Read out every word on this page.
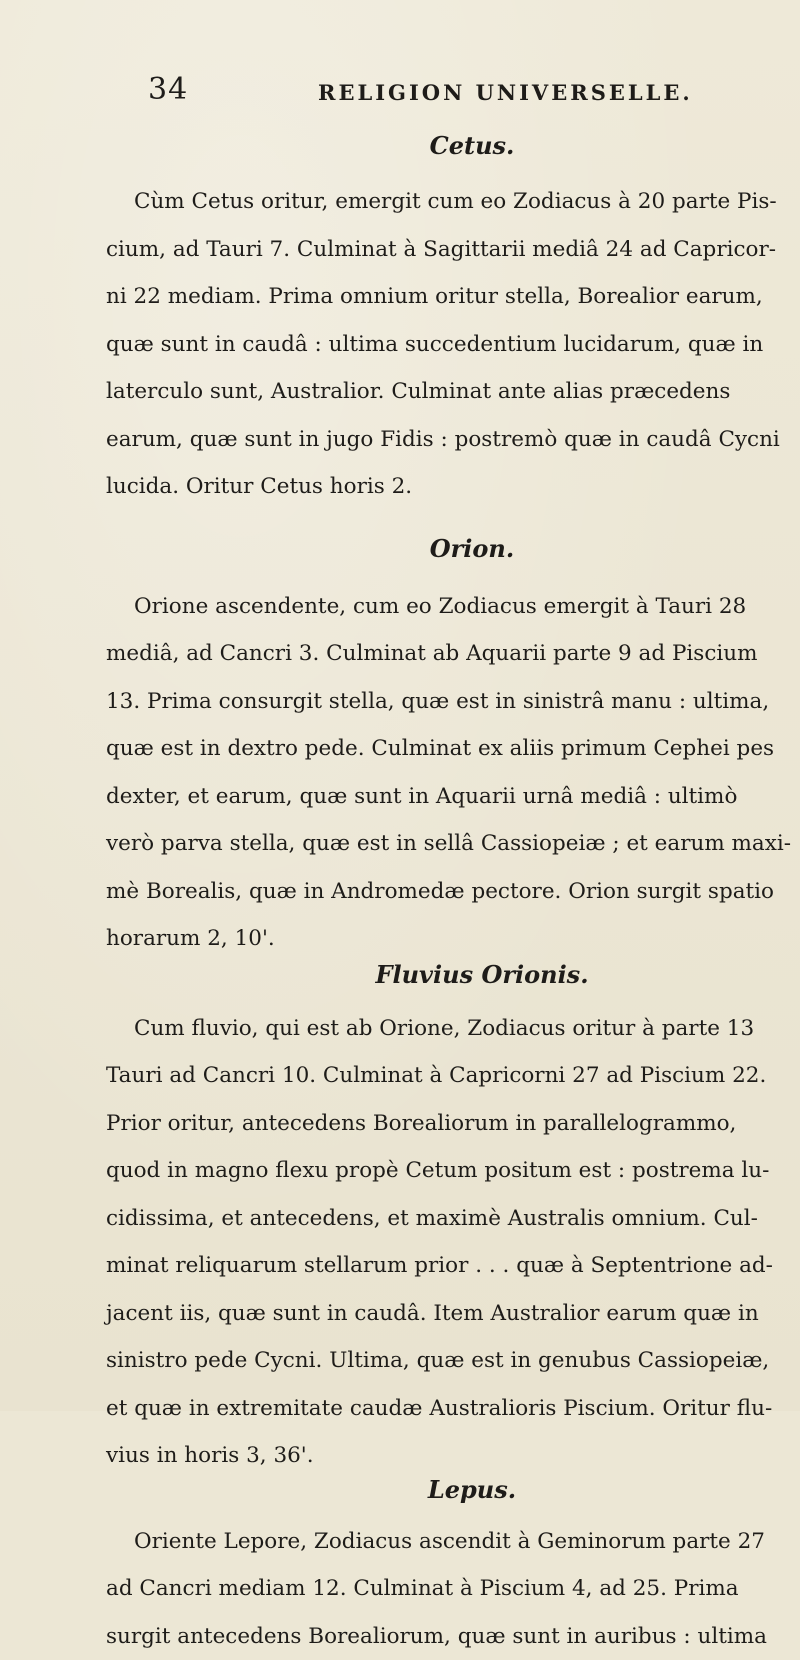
34	RELIGION UNIVERSELLE.
Cetus.

Cùm Cetus oritur, emergit cum eo Zodiacus à 20 parte Pis-
cium, ad Tauri 7. Culminat à Sagittarii mediâ 24 ad Capricor-
ni 22 mediam. Prima omnium oritur stella, Borealior earum,
quæ sunt in caudâ : ultima succedentium lucidarum, quæ in
laterculo sunt, Australior. Culminat ante alias præcedens
earum, quæ sunt in jugo Fidis : postremò quæ in caudâ Cycni
lucida. Oritur Cetus horis 2.

Orion.

Orione ascendente, cum eo Zodiacus emergit à Tauri 28
mediâ, ad Cancri 3. Culminat ab Aquarii parte 9 ad Piscium
13. Prima consurgit stella, quæ est in sinistrâ manu : ultima,
quæ est in dextro pede. Culminat ex aliis primum Cephei pes
dexter, et earum, quæ sunt in Aquarii urnâ mediâ : ultimò
verò parva stella, quæ est in sellâ Cassiopeiæ ; et earum maxi-
mè Borealis, quæ in Andromedæ pectore. Orion surgit spatio
horarum 2, 10'.

Fluvius Orionis.

Cum fluvio, qui est ab Orione, Zodiacus oritur à parte 13
Tauri ad Cancri 10. Culminat à Capricorni 27 ad Piscium 22.
Prior oritur, antecedens Borealiorum in parallelogrammo,
quod in magno flexu propè Cetum positum est : postrema lu-
cidissima, et antecedens, et maximè Australis omnium. Cul-
minat reliquarum stellarum prior . . . quæ à Septentrione ad-
jacent iis, quæ sunt in caudâ. Item Australior earum quæ in
sinistro pede Cycni. Ultima, quæ est in genubus Cassiopeiæ,
et quæ in extremitate caudæ Australioris Piscium. Oritur flu-
vius in horis 3, 36'.

Lepus.

Oriente Lepore, Zodiacus ascendit à Geminorum parte 27
ad Cancri mediam 12. Culminat à Piscium 4, ad 25. Prima
surgit antecedens Borealiorum, quæ sunt in auribus : ultima
